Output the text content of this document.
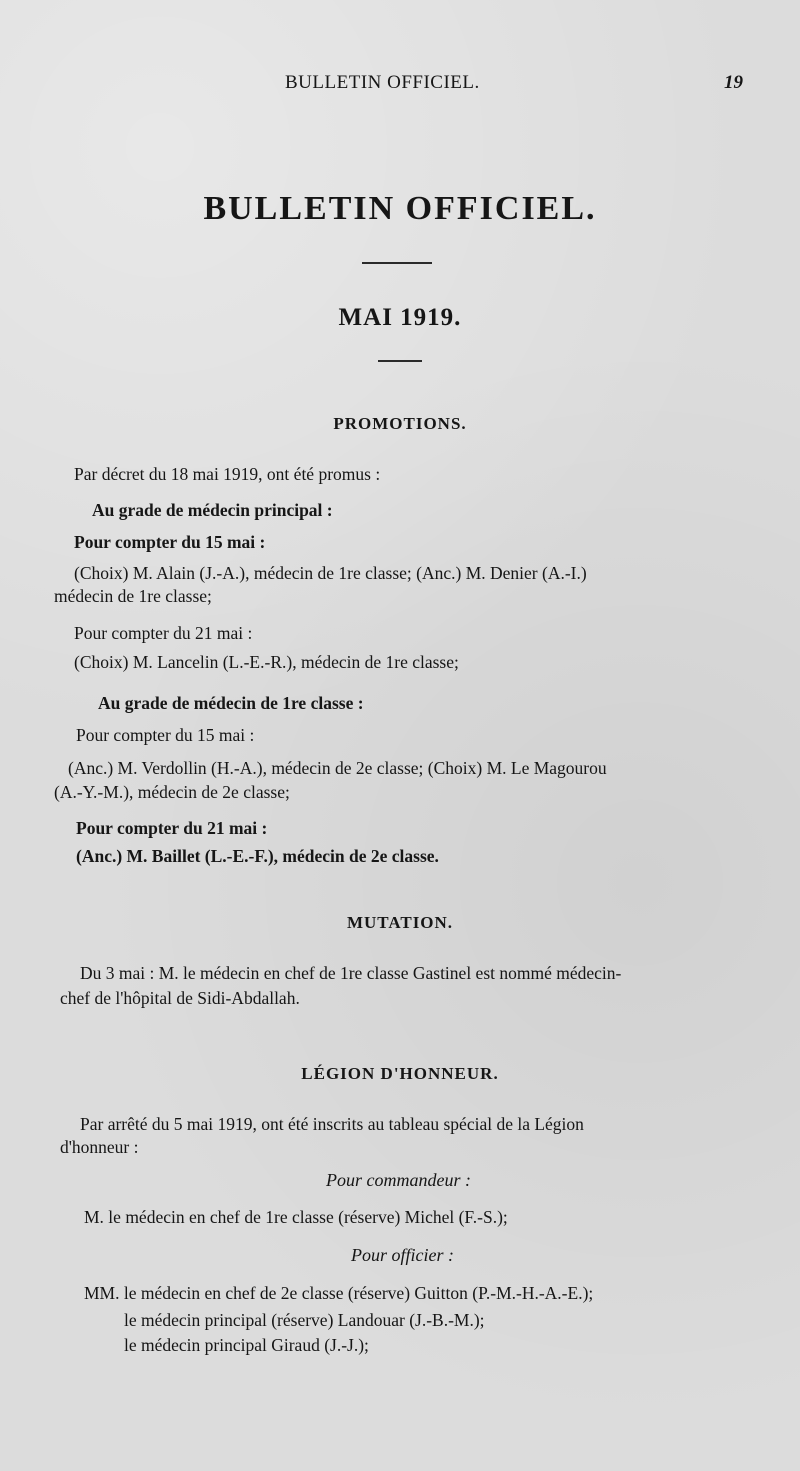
BULLETIN OFFICIEL.	19
BULLETIN OFFICIEL.
MAI 1919.
PROMOTIONS.
Par décret du 18 mai 1919, ont été promus :
Au grade de médecin principal :
Pour compter du 15 mai :
(Choix) M. Alain (J.-A.), médecin de 1re classe; (Anc.) M. Denier (A.-I.)
médecin de 1re classe;
Pour compter du 21 mai :
(Choix) M. Lancelin (L.-E.-R.), médecin de 1re classe;
Au grade de médecin de 1re classe :
Pour compter du 15 mai :
(Anc.) M. Verdollin (H.-A.), médecin de 2e classe; (Choix) M. Le Magourou
(A.-Y.-M.), médecin de 2e classe;
Pour compter du 21 mai :
(Anc.) M. Baillet (L.-E.-F.), médecin de 2e classe.
MUTATION.
Du 3 mai : M. le médecin en chef de 1re classe Gastinel est nommé médecin-
chef de l'hôpital de Sidi-Abdallah.
LÉGION D'HONNEUR.
Par arrêté du 5 mai 1919, ont été inscrits au tableau spécial de la Légion
d'honneur :
Pour commandeur :
M. le médecin en chef de 1re classe (réserve) Michel (F.-S.);
Pour officier :
MM. le médecin en chef de 2e classe (réserve) Guitton (P.-M.-H.-A.-E.);
le médecin principal (réserve) Landouar (J.-B.-M.);
le médecin principal Giraud (J.-J.);
